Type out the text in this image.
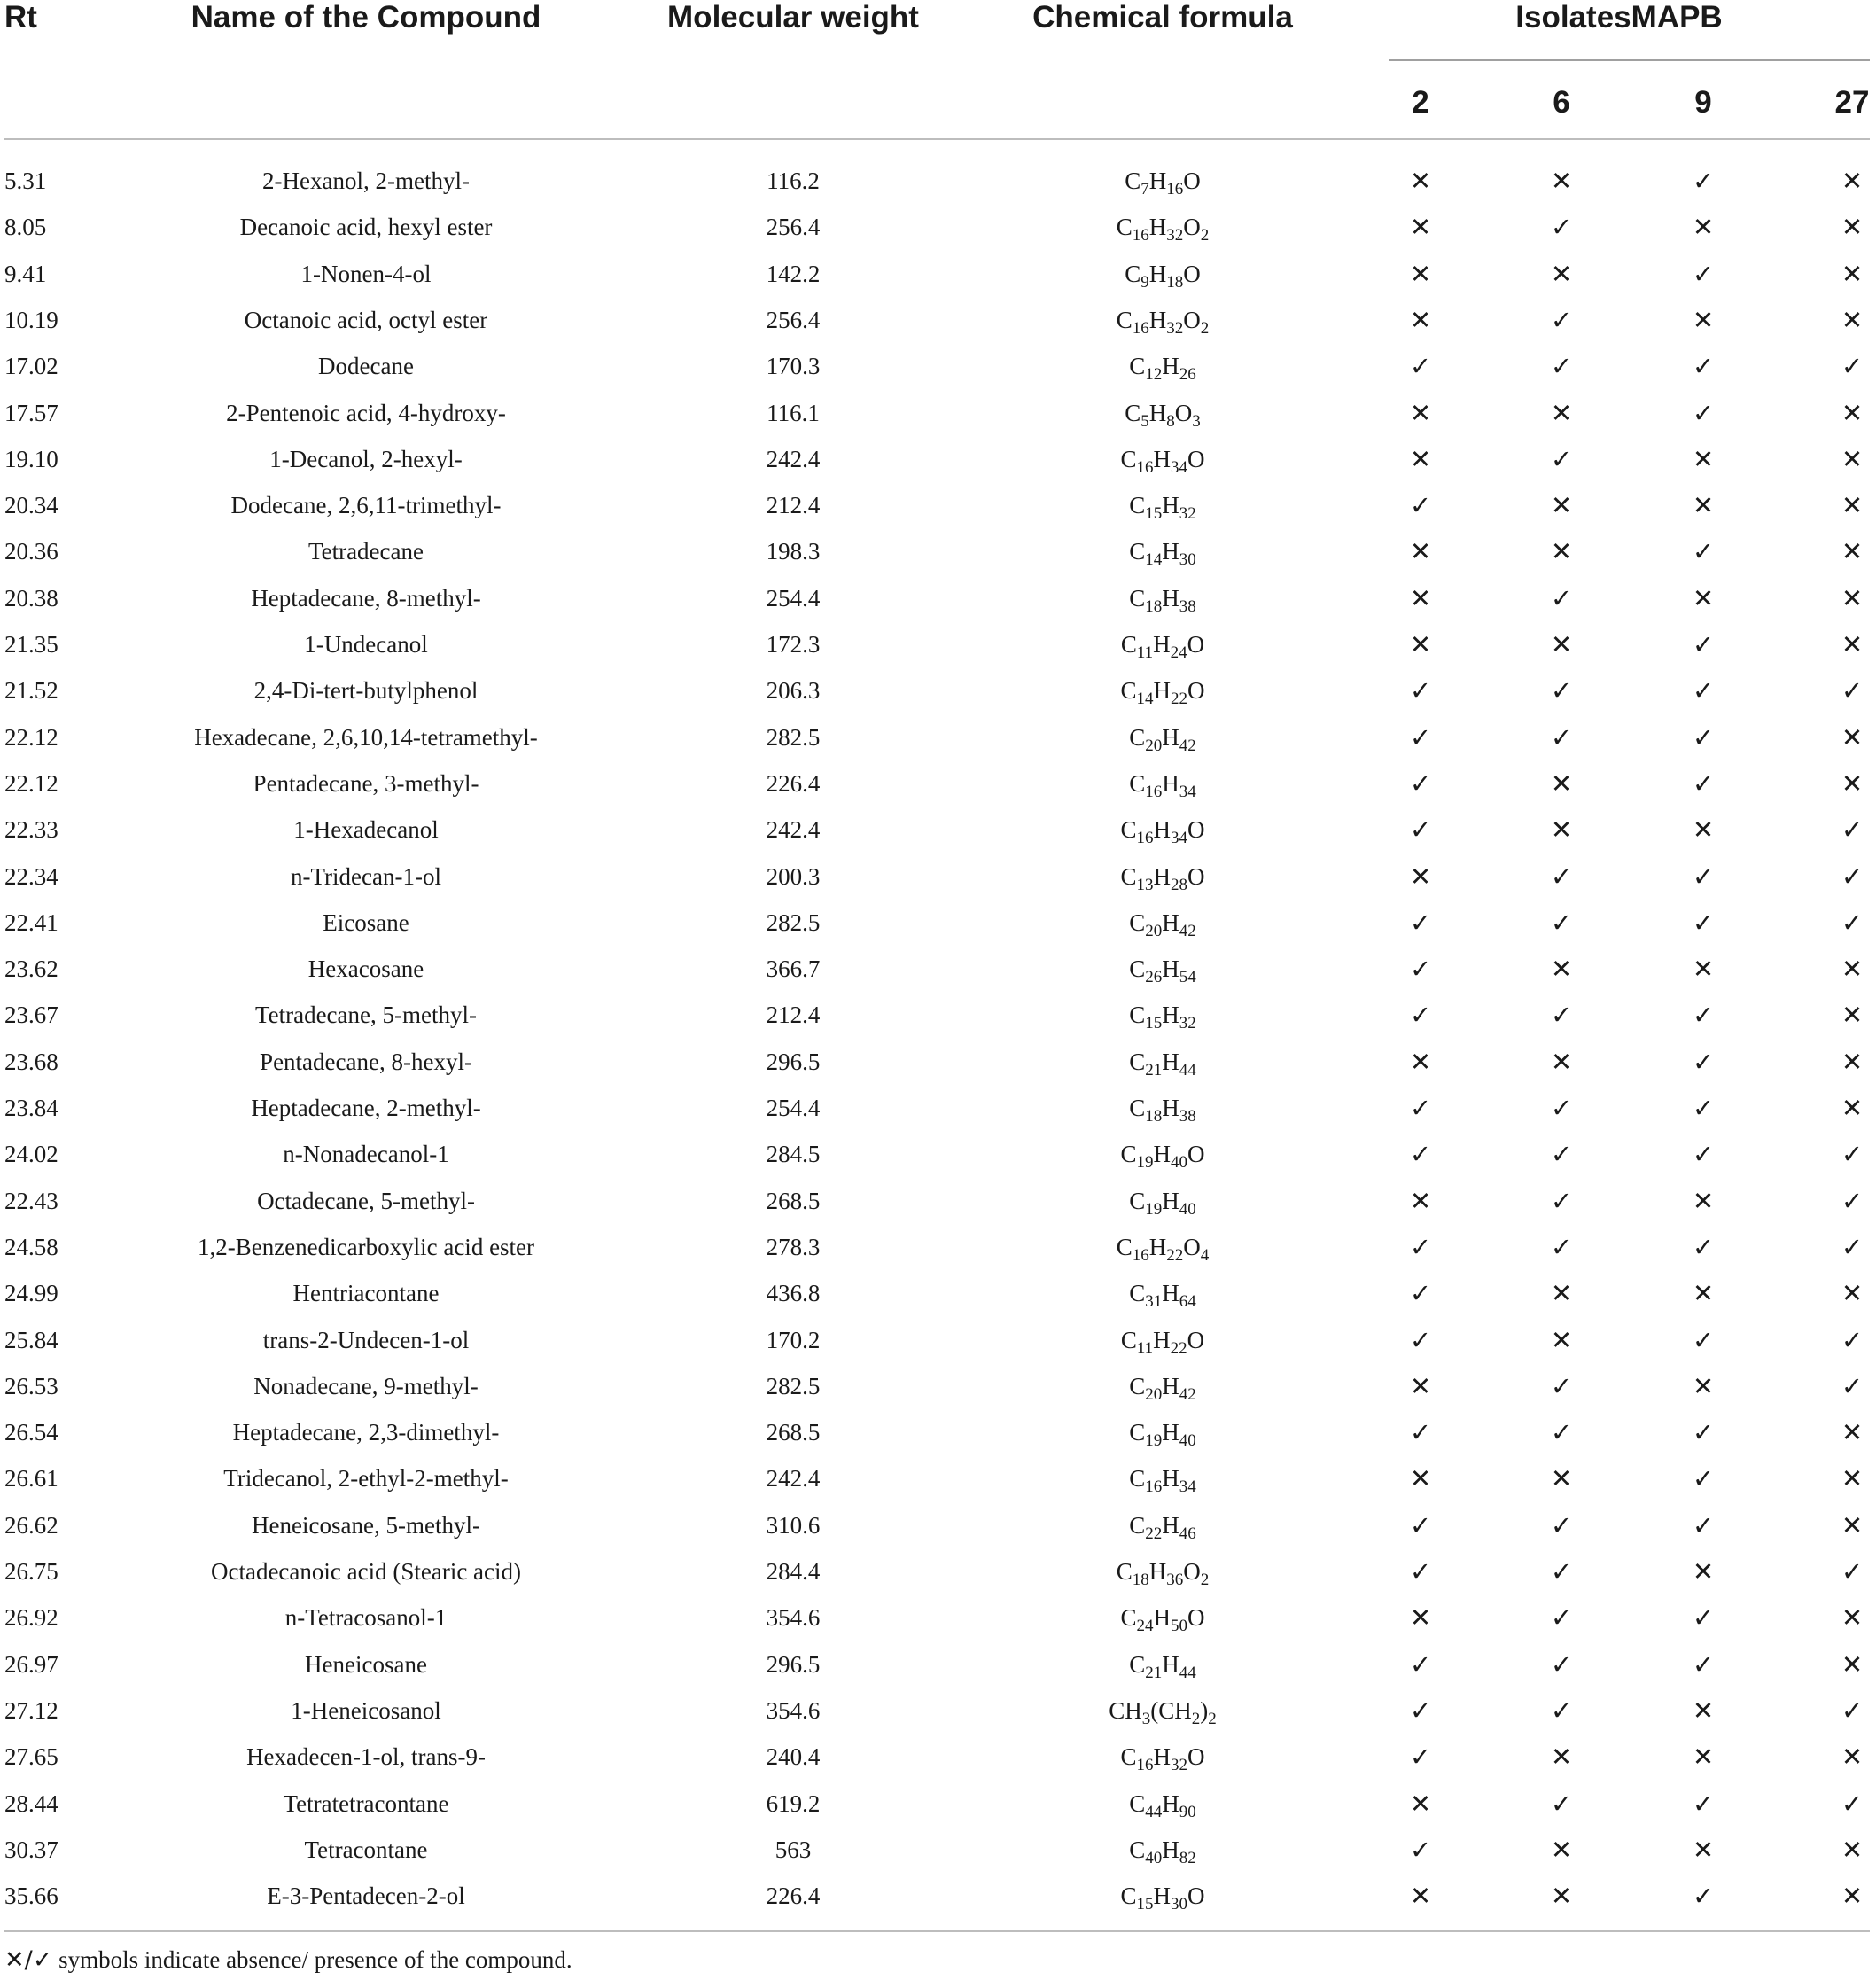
Rt	Name of the Compound	Molecular weight	Chemical formula	IsolatesMAPB
2	6	9	27
5.31	2-Hexanol, 2-methyl-	116.2	$C_7H_{16}O$	✕	✕	✓	✕
8.05	Decanoic acid, hexyl ester	256.4	$C_{16}H_{32}O_2$	✕	✓	✕	✕
9.41	1-Nonen-4-ol	142.2	$C_9H_{18}O$	✕	✕	✓	✕
10.19	Octanoic acid, octyl ester	256.4	$C_{16}H_{32}O_2$	✕	✓	✕	✕
17.02	Dodecane	170.3	$C_{12}H_{26}$	✓	✓	✓	✓
17.57	2-Pentenoic acid, 4-hydroxy-	116.1	$C_5H_8O_3$	✕	✕	✓	✕
19.10	1-Decanol, 2-hexyl-	242.4	$C_{16}H_{34}O$	✕	✓	✕	✕
20.34	Dodecane, 2,6,11-trimethyl-	212.4	$C_{15}H_{32}$	✓	✕	✕	✕
20.36	Tetradecane	198.3	$C_{14}H_{30}$	✕	✕	✓	✕
20.38	Heptadecane, 8-methyl-	254.4	$C_{18}H_{38}$	✕	✓	✕	✕
21.35	1-Undecanol	172.3	$C_{11}H_{24}O$	✕	✕	✓	✕
21.52	2,4-Di-tert-butylphenol	206.3	$C_{14}H_{22}O$	✓	✓	✓	✓
22.12	Hexadecane, 2,6,10,14-tetramethyl-	282.5	$C_{20}H_{42}$	✓	✓	✓	✕
22.12	Pentadecane, 3-methyl-	226.4	$C_{16}H_{34}$	✓	✕	✓	✕
22.33	1-Hexadecanol	242.4	$C_{16}H_{34}O$	✓	✕	✕	✓
22.34	n-Tridecan-1-ol	200.3	$C_{13}H_{28}O$	✕	✓	✓	✓
22.41	Eicosane	282.5	$C_{20}H_{42}$	✓	✓	✓	✓
23.62	Hexacosane	366.7	$C_{26}H_{54}$	✓	✕	✕	✕
23.67	Tetradecane, 5-methyl-	212.4	$C_{15}H_{32}$	✓	✓	✓	✕
23.68	Pentadecane, 8-hexyl-	296.5	$C_{21}H_{44}$	✕	✕	✓	✕
23.84	Heptadecane, 2-methyl-	254.4	$C_{18}H_{38}$	✓	✓	✓	✕
24.02	n-Nonadecanol-1	284.5	$C_{19}H_{40}O$	✓	✓	✓	✓
22.43	Octadecane, 5-methyl-	268.5	$C_{19}H_{40}$	✕	✓	✕	✓
24.58	1,2-Benzenedicarboxylic acid ester	278.3	$C_{16}H_{22}O_4$	✓	✓	✓	✓
24.99	Hentriacontane	436.8	$C_{31}H_{64}$	✓	✕	✕	✕
25.84	trans-2-Undecen-1-ol	170.2	$C_{11}H_{22}O$	✓	✕	✓	✓
26.53	Nonadecane, 9-methyl-	282.5	$C_{20}H_{42}$	✕	✓	✕	✓
26.54	Heptadecane, 2,3-dimethyl-	268.5	$C_{19}H_{40}$	✓	✓	✓	✕
26.61	Tridecanol, 2-ethyl-2-methyl-	242.4	$C_{16}H_{34}$	✕	✕	✓	✕
26.62	Heneicosane, 5-methyl-	310.6	$C_{22}H_{46}$	✓	✓	✓	✕
26.75	Octadecanoic acid (Stearic acid)	284.4	$C_{18}H_{36}O_2$	✓	✓	✕	✓
26.92	n-Tetracosanol-1	354.6	$C_{24}H_{50}O$	✕	✓	✓	✕
26.97	Heneicosane	296.5	$C_{21}H_{44}$	✓	✓	✓	✕
27.12	1-Heneicosanol	354.6	$CH_3(CH_2)_2$	✓	✓	✕	✓
27.65	Hexadecen-1-ol, trans-9-	240.4	$C_{16}H_{32}O$	✓	✕	✕	✕
28.44	Tetratetracontane	619.2	$C_{44}H_{90}$	✕	✓	✓	✓
30.37	Tetracontane	563	$C_{40}H_{82}$	✓	✕	✕	✕
35.66	E-3-Pentadecen-2-ol	226.4	$C_{15}H_{30}O$	✕	✕	✓	✕
✕/✓ symbols indicate absence/ presence of the compound.
